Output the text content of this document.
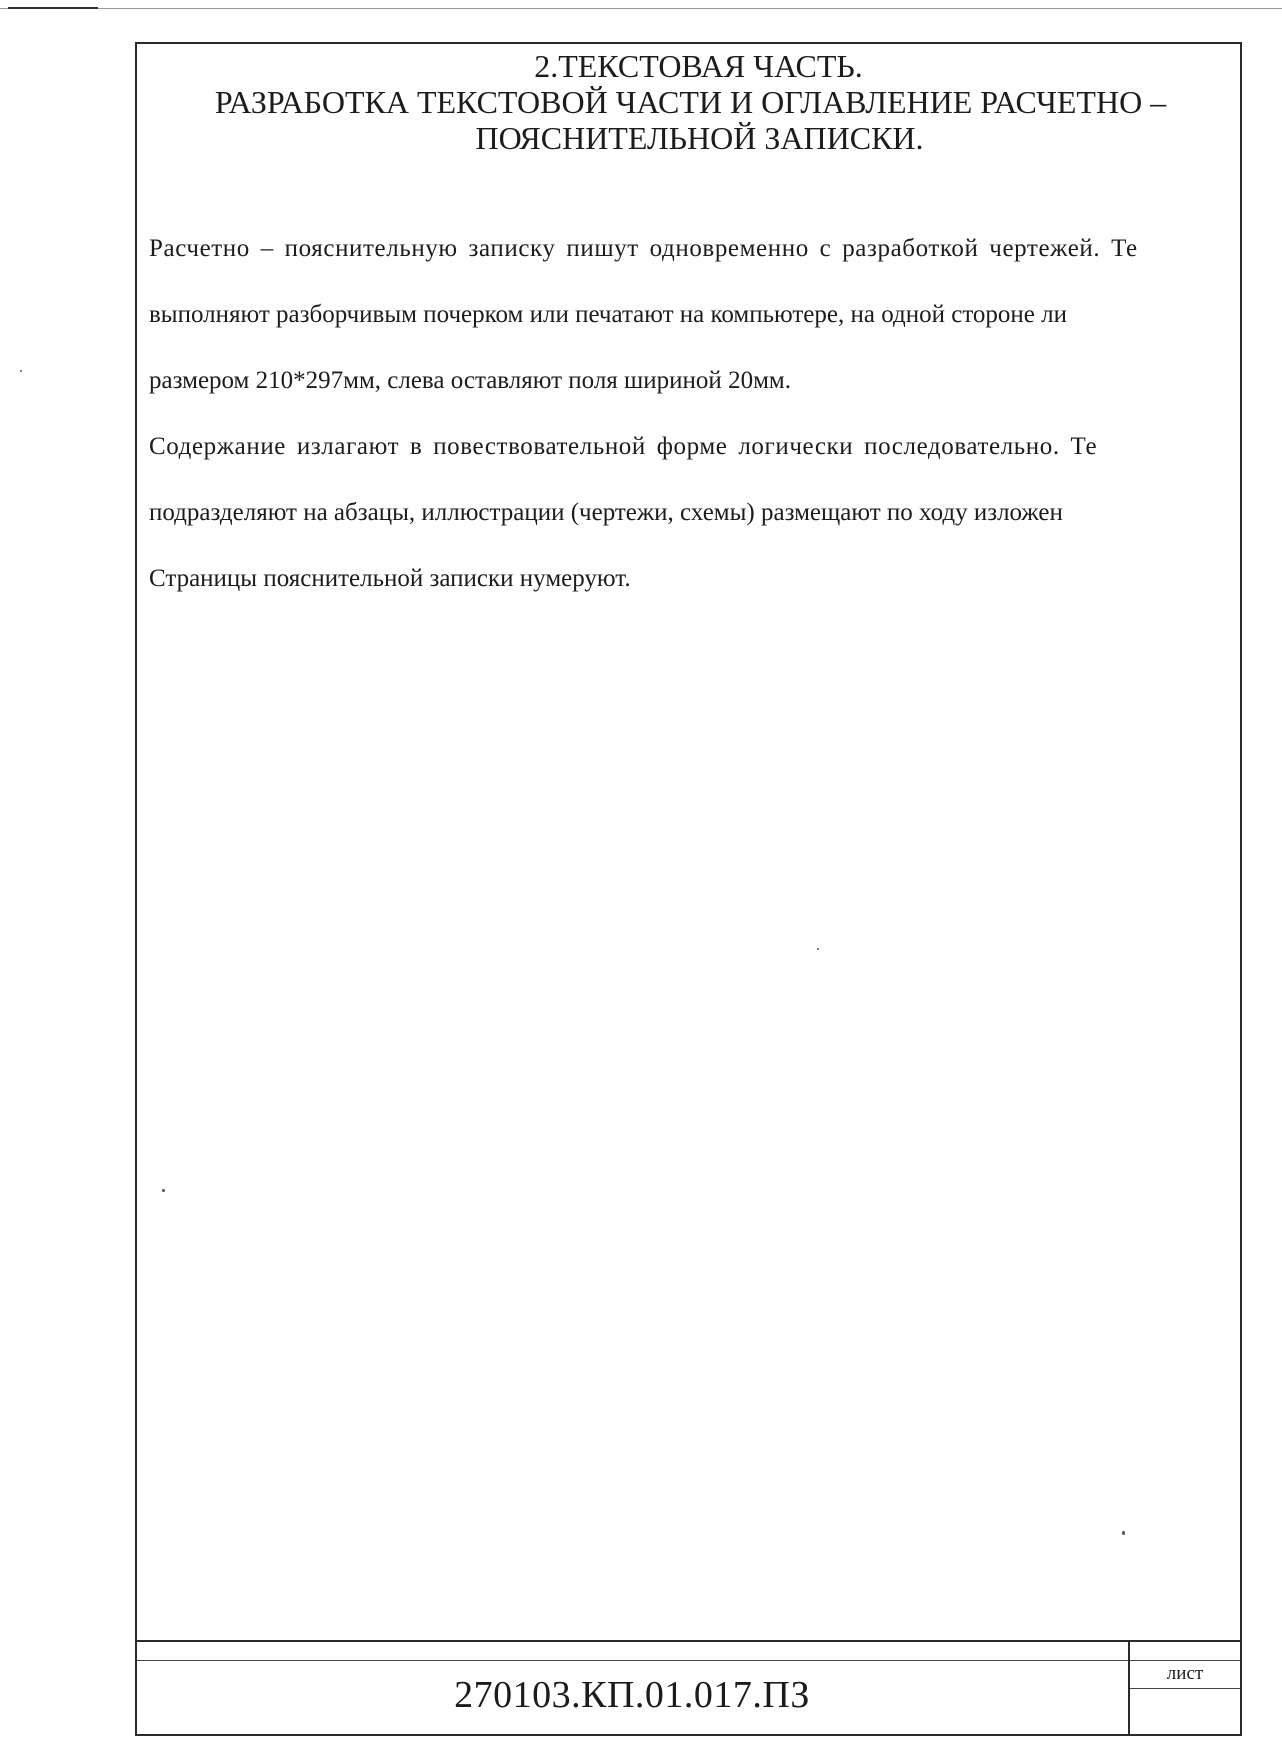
2.ТЕКСТОВАЯ ЧАСТЬ.
РАЗРАБОТКА ТЕКСТОВОЙ ЧАСТИ И ОГЛАВЛЕНИЕ РАСЧЕТНО –
ПОЯСНИТЕЛЬНОЙ ЗАПИСКИ.
Расчетно – пояснительную записку пишут одновременно с разработкой чертежей. Те
выполняют разборчивым почерком или печатают на компьютере, на одной стороне ли
размером 210*297мм, слева оставляют поля шириной 20мм.
Содержание излагают в повествовательной форме логически последовательно. Те
подразделяют на абзацы, иллюстрации (чертежи, схемы) размещают по ходу изложен
Страницы пояснительной записки нумеруют.
270103.КП.01.017.ПЗ
лист
